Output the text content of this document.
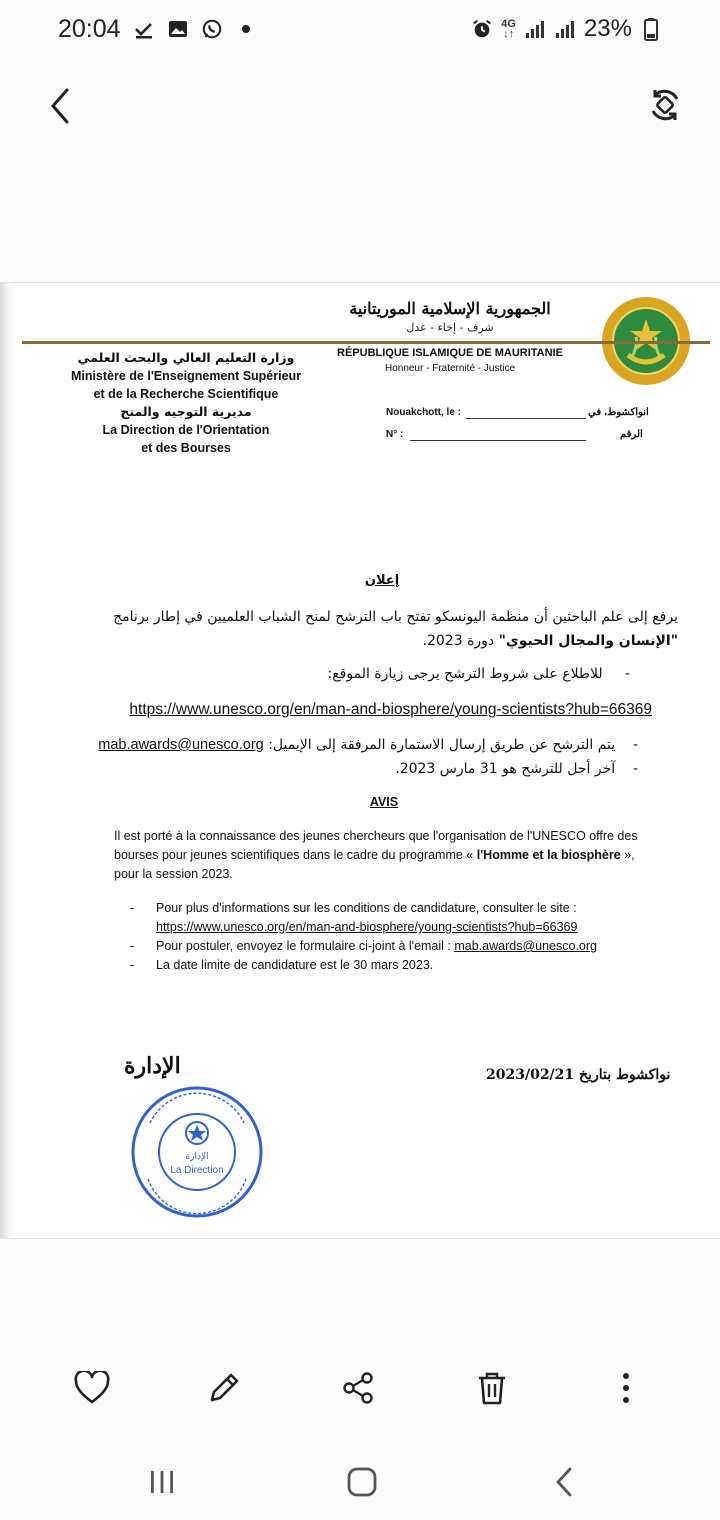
20:04	4G
↓↑	23%
الجمهورية الإسلامية الموريتانية
شرف - إخاء - عدل
RÉPUBLIQUE ISLAMIQUE DE MAURITANIE
Honneur - Fraternité - Justice
وزارة التعليم العالي والبحث العلمي
Ministère de l'Enseignement Supérieur
et de la Recherche Scientifique
مديرية التوجيه والمنح
La Direction de l'Orientation
et des Bourses
Nouakchott, le :	انواكشوط، في
N° :	الرقم
إعلان
يرفع إلى علم الباحثين أن منظمة اليونسكو تفتح باب الترشح لمنح الشباب العلميين في إطار برنامج
"الإنسان والمجال الحيوي" دورة 2023.
-     للاطلاع على شروط الترشح يرجى زيارة الموقع:
https://www.unesco.org/en/man-and-biosphere/young-scientists?hub=66369
-    يتم الترشح عن طريق إرسال الاستمارة المرفقة إلى الإيميل: mab.awards@unesco.org
-    آخر أجل للترشح هو 31 مارس 2023.
AVIS
Il est porté à la connaissance des jeunes chercheurs que l'organisation de l'UNESCO offre des
bourses pour jeunes scientifiques dans le cadre du programme « l'Homme et la biosphère »,
pour la session 2023.
-	Pour plus d'informations sur les conditions de candidature, consulter le site :
https://www.unesco.org/en/man-and-biosphere/young-scientists?hub=66369
-	Pour postuler, envoyez le formulaire ci-joint à l'email : mab.awards@unesco.org
-	La date limite de candidature est le 30 mars 2023.
نواكشوط بتاريخ 2023/02/21
الإدارة
الإدارة
La Direction
